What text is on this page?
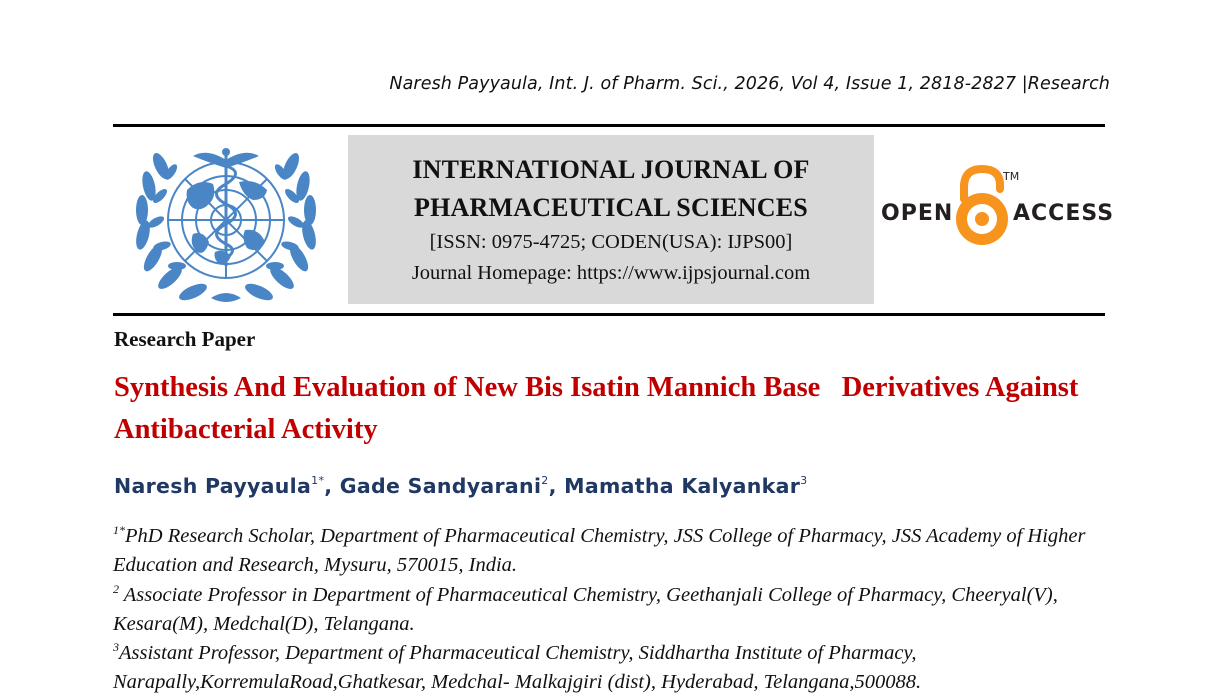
Naresh Payyaula, Int. J. of Pharm. Sci., 2026, Vol 4, Issue 1, 2818-2827 |Research
INTERNATIONAL JOURNAL OF
PHARMACEUTICAL SCIENCES
[ISSN: 0975-4725; CODEN(USA): IJPS00]
Journal Homepage: https://www.ijpsjournal.com
OPEN	ACCESS
TM
Research Paper
Synthesis And Evaluation of New Bis Isatin Mannich Base   Derivatives Against Antibacterial Activity
Naresh Payyaula$^{1*}$, Gade Sandyarani$^2$, Mamatha Kalyankar$^3$
$^{1*}$PhD Research Scholar, Department of Pharmaceutical Chemistry, JSS College of Pharmacy, JSS Academy of Higher Education and Research, Mysuru, 570015, India.
$^2$ Associate Professor in Department of Pharmaceutical Chemistry, Geethanjali College of Pharmacy, Cheeryal(V), Kesara(M), Medchal(D), Telangana.
$^3$Assistant Professor, Department of Pharmaceutical Chemistry, Siddhartha Institute of Pharmacy, Narapally,KorremulaRoad,Ghatkesar, Medchal- Malkajgiri (dist), Hyderabad, Telangana,500088.
